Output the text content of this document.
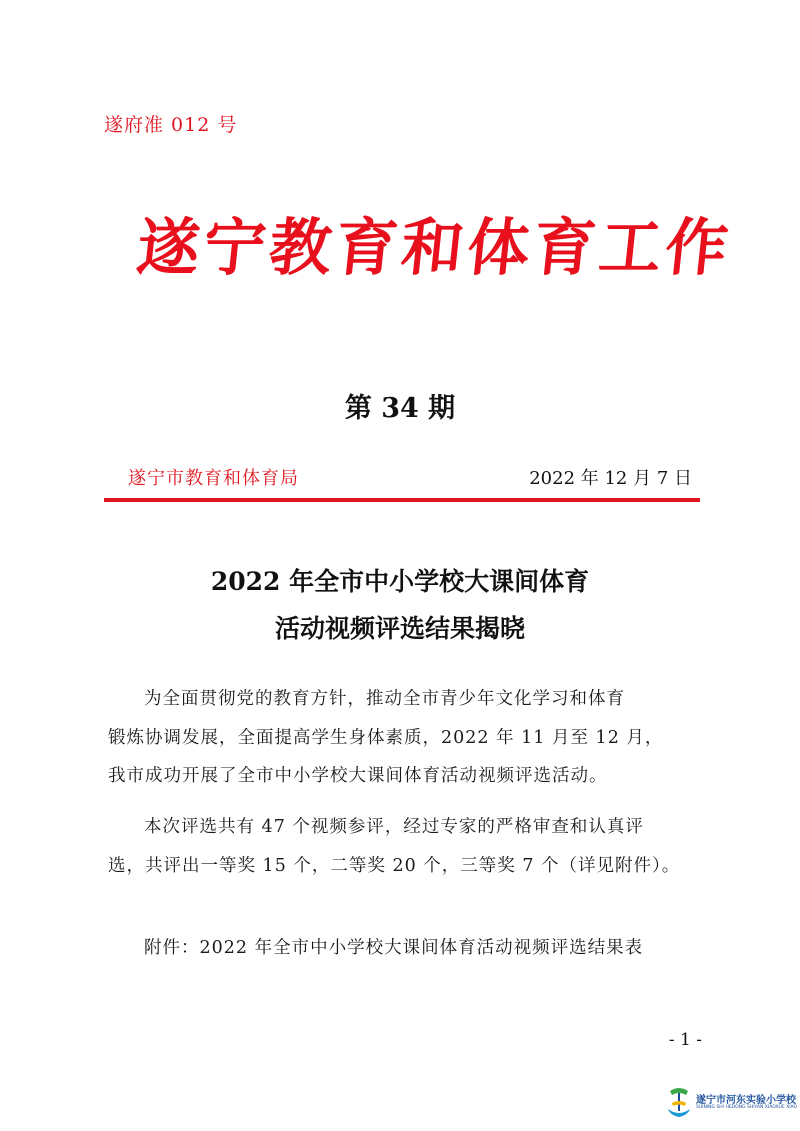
遂府准 012 号
遂宁教育和体育工作
第 34 期
遂宁市教育和体育局	2022 年 12 月 7 日
2022 年全市中小学校大课间体育
活动视频评选结果揭晓
为全面贯彻党的教育方针，推动全市青少年文化学习和体育
锻炼协调发展，全面提高学生身体素质，2022 年 11 月至 12 月，
我市成功开展了全市中小学校大课间体育活动视频评选活动。
本次评选共有 47 个视频参评，经过专家的严格审查和认真评
选，共评出一等奖 15 个，二等奖 20 个，三等奖 7 个（详见附件）。
附件：2022 年全市中小学校大课间体育活动视频评选结果表
- 1 -
遂宁市河东实验小学校
SUINING SHI HEDONG SHIYAN XIAOXUE XIAO
